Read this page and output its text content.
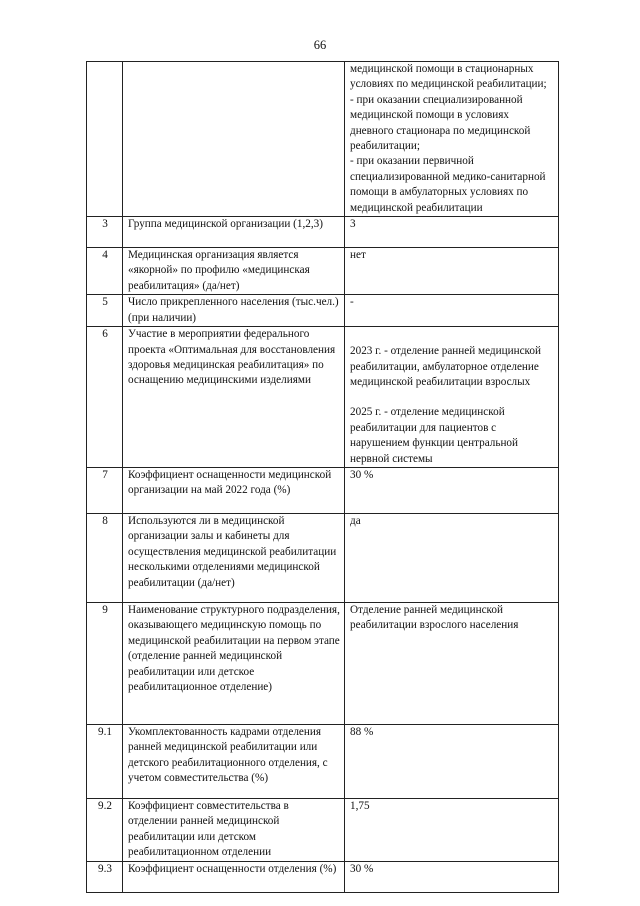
66

		медицинской помощи в стационарных условиях по медицинской реабилитации;

- при оказании специализированной медицинской помощи в условиях дневного стационара по медицинской реабилитации;

- при оказании первичной специализированной медико-санитарной помощи в амбулаторных условиях по медицинской реабилитации

3	Группа медицинской организации (1,2,3)	3

4	Медицинская организация является «якорной» по профилю «медицинская реабилитация» (да/нет)	нет

5	Число прикрепленного населения (тыс.чел.) (при наличии)	-

6	Участие в мероприятии федерального проекта «Оптимальная для восстановления здоровья медицинская реабилитация» по оснащению медицинскими изделиями	2023 г. - отделение ранней медицинской реабилитации, амбулаторное отделение медицинской реабилитации взрослых

2025 г. - отделение медицинской реабилитации для пациентов с нарушением функции центральной нервной системы

7	Коэффициент оснащенности медицинской организации на май 2022 года (%)	30 %

8	Используются ли в медицинской организации залы и кабинеты для осуществления медицинской реабилитации несколькими отделениями медицинской реабилитации (да/нет)	да

9	Наименование структурного подразделения, оказывающего медицинскую помощь по медицинской реабилитации на первом этапе (отделение ранней медицинской реабилитации или детское реабилитационное отделение)	Отделение ранней медицинской реабилитации взрослого населения

9.1	Укомплектованность кадрами отделения ранней медицинской реабилитации или детского реабилитационного отделения, с учетом совместительства (%)	88 %

9.2	Коэффициент совместительства в отделении ранней медицинской реабилитации или детском реабилитационном отделении	1,75

9.3	Коэффициент оснащенности отделения (%)	30 %
